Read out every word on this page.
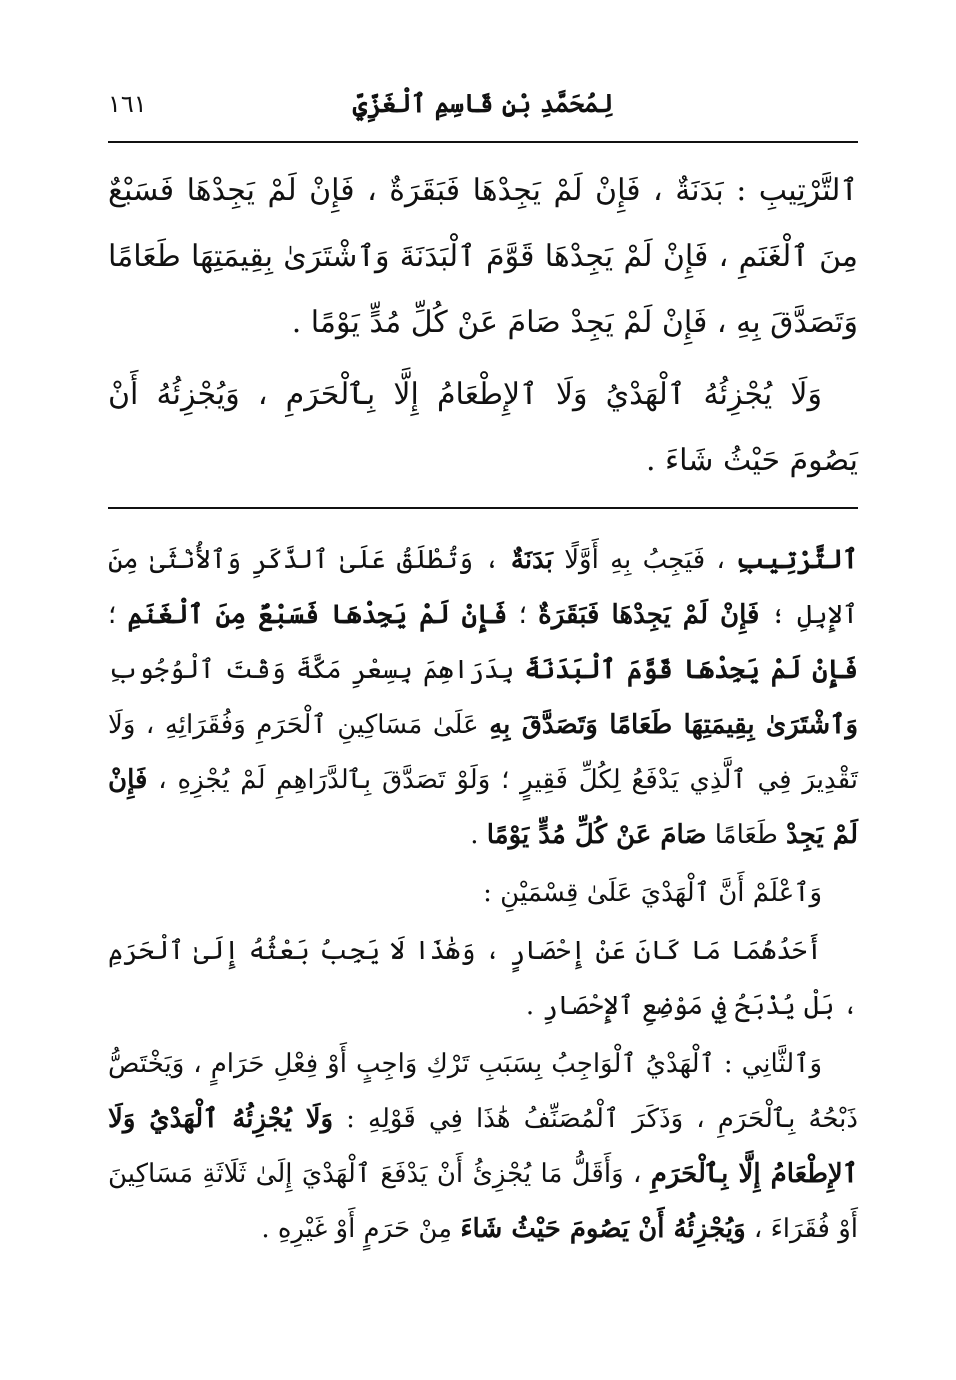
لِمُحَمَّدِ بْنِ قَاسِمِ ٱلْغَزِّيِّ
١٦١

ٱلتَّرْتِيبِ : بَدَنَةٌ ، فَإِنْ لَمْ يَجِدْهَا فَبَقَرَةٌ ، فَإِنْ لَمْ يَجِدْهَا فَسَبْعٌ مِنَ ٱلْغَنَمِ ، فَإِنْ لَمْ يَجِدْهَا قَوَّمَ ٱلْبَدَنَةَ وَٱشْتَرَىٰ بِقِيمَتِهَا طَعَامًا وَتَصَدَّقَ بِهِ ، فَإِنْ لَمْ يَجِدْ صَامَ عَنْ كُلِّ مُدٍّ يَوْمًا .

وَلَا يُجْزِئُهُ ٱلْهَدْيُ وَلَا ٱلإِطْعَامُ إِلَّا بِٱلْحَرَمِ ، وَيُجْزِئُهُ أَنْ يَصُومَ حَيْثُ شَاءَ .

ٱلتَّرْتِيبِ ، فَيَجِبُ بِهِ أَوَّلًا بَدَنَةٌ ، وَتُطْلَقُ عَلَىٰ ٱلذَّكَرِ وَٱلأُنْثَىٰ مِنَ ٱلإِبِلِ ؛ فَإِنْ لَمْ يَجِدْهَا فَبَقَرَةٌ ؛ فَإِنْ لَمْ يَجِدْهَا فَسَبْعٌ مِنَ ٱلْغَنَمِ ؛ فَإِنْ لَمْ يَجِدْهَا قَوَّمَ ٱلْبَدَنَةَ بِدَرَاهِمَ بِسِعْرِ مَكَّةَ وَقْتَ ٱلْوُجُوبِ وَٱشْتَرَىٰ بِقِيمَتِهَا طَعَامًا وَتَصَدَّقَ بِهِ عَلَىٰ مَسَاكِينِ ٱلْحَرَمِ وَفُقَرَائِهِ ، وَلَا تَقْدِيرَ فِي ٱلَّذِي يَدْفَعُ لِكُلِّ فَقِيرٍ ؛ وَلَوْ تَصَدَّقَ بِٱلدَّرَاهِمِ لَمْ يُجْزِهِ ، فَإِنْ لَمْ يَجِدْ طَعَامًا صَامَ عَنْ كُلِّ مُدٍّ يَوْمًا .

وَٱعْلَمْ أَنَّ ٱلْهَدْيَ عَلَىٰ قِسْمَيْنِ :

أَحَدُهُمَا مَا كَانَ عَنْ إِحْصَارٍ ، وَهَٰذَا لَا يَجِبُ بَعْثُهُ إِلَىٰ ٱلْحَرَمِ ، بَلْ يُذْبَحُ فِي مَوْضِعِ ٱلإِحْصَارِ .

وَٱلثَّانِي : ٱلْهَدْيُ ٱلْوَاجِبُ بِسَبَبِ تَرْكِ وَاجِبٍ أَوْ فِعْلِ حَرَامٍ ، وَيَخْتَصُّ ذَبْحُهُ بِٱلْحَرَمِ ، وَذَكَرَ ٱلْمُصَنِّفُ هَٰذَا فِي قَوْلِهِ : وَلَا يُجْزِئُهُ ٱلْهَدْيُ وَلَا ٱلإِطْعَامُ إِلَّا بِٱلْحَرَمِ ، وَأَقَلُّ مَا يُجْزِئُ أَنْ يَدْفَعَ ٱلْهَدْيَ إِلَىٰ ثَلَاثَةِ مَسَاكِينَ أَوْ فُقَرَاءَ ، وَيُجْزِئُهُ أَنْ يَصُومَ حَيْثُ شَاءَ مِنْ حَرَمٍ أَوْ غَيْرِهِ .
